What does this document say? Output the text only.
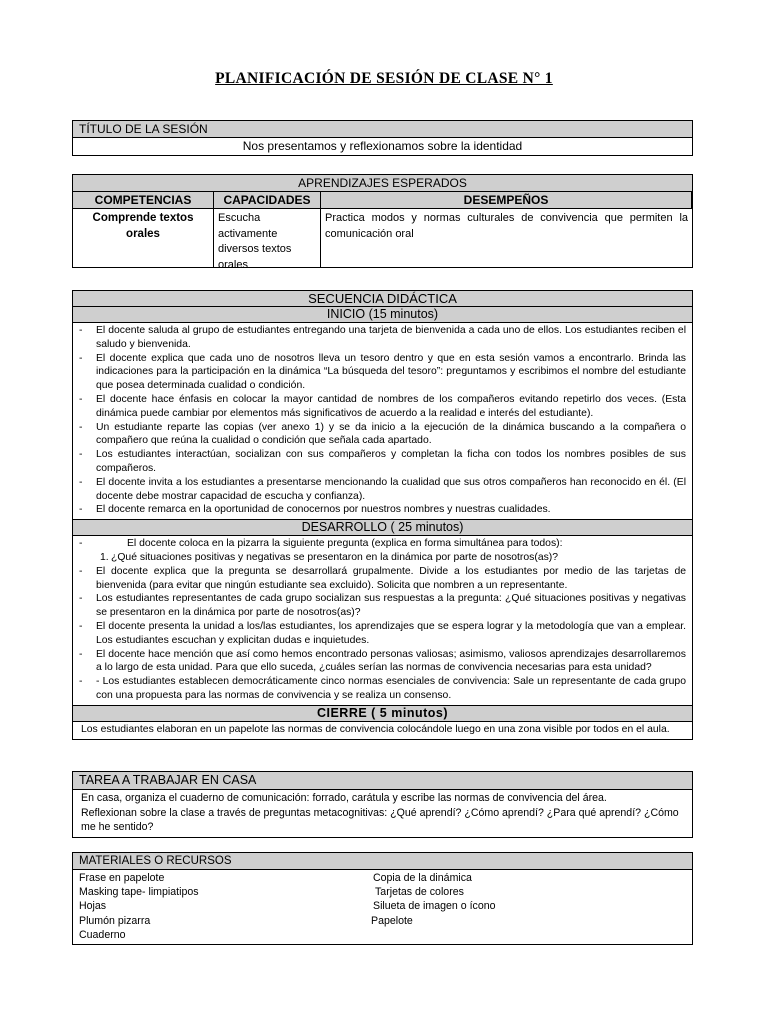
PLANIFICACIÓN DE SESIÓN DE CLASE N° 1
TÍTULO DE LA SESIÓN
Nos presentamos y reflexionamos sobre la identidad
APRENDIZAJES ESPERADOS
COMPETENCIAS	CAPACIDADES	DESEMPEÑOS
Comprende textos orales
Escucha activamente diversos textos orales
Practica modos y normas culturales de convivencia que permiten la comunicación oral
SECUENCIA DIDÁCTICA
INICIO (15 minutos)
- El docente saluda al grupo de estudiantes entregando una tarjeta de bienvenida a cada uno de ellos. Los estudiantes reciben el saludo y bienvenida.
- El docente explica que cada uno de nosotros lleva un tesoro dentro y que en esta sesión vamos a encontrarlo. Brinda las indicaciones para la participación en la dinámica “La búsqueda del tesoro”: preguntamos y escribimos el nombre del estudiante que posea determinada cualidad o condición.
- El docente hace énfasis en colocar la mayor cantidad de nombres de los compañeros evitando repetirlo dos veces. (Esta dinámica puede cambiar por elementos más significativos de acuerdo a la realidad e interés del estudiante).
- Un estudiante reparte las copias (ver anexo 1) y se da inicio a la ejecución de la dinámica buscando a la compañera o compañero que reúna la cualidad o condición que señala cada apartado.
- Los estudiantes interactúan, socializan con sus compañeros y completan la ficha con todos los nombres posibles de sus compañeros.
- El docente invita a los estudiantes a presentarse mencionando la cualidad que sus otros compañeros han reconocido en él. (El docente debe mostrar capacidad de escucha y confianza).
- El docente remarca en la oportunidad de conocernos por nuestros nombres y nuestras cualidades.
DESARROLLO ( 25 minutos)
- El docente coloca en la pizarra la siguiente pregunta (explica en forma simultánea para todos):
1. ¿Qué situaciones positivas y negativas se presentaron en la dinámica por parte de nosotros(as)?
- El docente explica que la pregunta se desarrollará grupalmente. Divide a los estudiantes por medio de las tarjetas de bienvenida (para evitar que ningún estudiante sea excluido). Solicita que nombren a un representante.
- Los estudiantes representantes de cada grupo socializan sus respuestas a la pregunta: ¿Qué situaciones positivas y negativas se presentaron en la dinámica por parte de nosotros(as)?
- El docente presenta la unidad a los/las estudiantes, los aprendizajes que se espera lograr y la metodología que van a emplear. Los estudiantes escuchan y explicitan dudas e inquietudes.
- El docente hace mención que así como hemos encontrado personas valiosas; asimismo, valiosos aprendizajes desarrollaremos a lo largo de esta unidad. Para que ello suceda, ¿cuáles serían las normas de convivencia necesarias para esta unidad?
- - Los estudiantes establecen democráticamente cinco normas esenciales de convivencia: Sale un representante de cada grupo con una propuesta para las normas de convivencia y se realiza un consenso.
CIERRE ( 5 minutos)
Los estudiantes elaboran en un papelote las normas de convivencia colocándole luego en una zona visible por todos en el aula.
TAREA A TRABAJAR EN CASA
En casa, organiza el cuaderno de comunicación: forrado, carátula y escribe las normas de convivencia del área.
Reflexionan sobre la clase a través de preguntas metacognitivas: ¿Qué aprendí? ¿Cómo aprendí? ¿Para qué aprendí? ¿Cómo me he sentido?
MATERIALES O RECURSOS
Frase en papelote
Masking tape- limpiatipos
Hojas
Plumón pizarra
Cuaderno
Copia de la dinámica
Tarjetas de colores
Silueta de imagen o ícono
Papelote
